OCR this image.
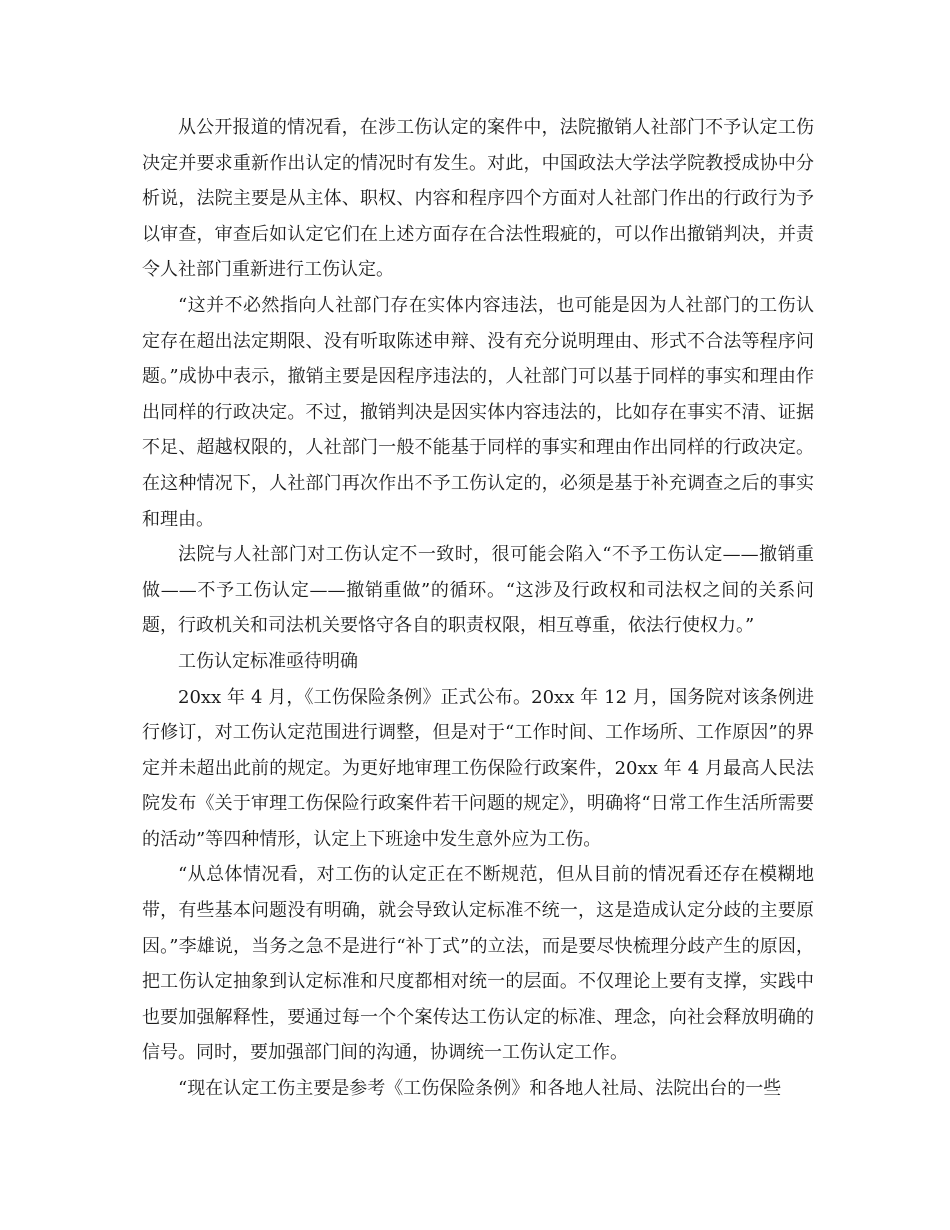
从公开报道的情况看，在涉工伤认定的案件中，法院撤销人社部门不予认定工伤决定并要求重新作出认定的情况时有发生。对此，中国政法大学法学院教授成协中分析说，法院主要是从主体、职权、内容和程序四个方面对人社部门作出的行政行为予以审查，审查后如认定它们在上述方面存在合法性瑕疵的，可以作出撤销判决，并责令人社部门重新进行工伤认定。

“这并不必然指向人社部门存在实体内容违法，也可能是因为人社部门的工伤认定存在超出法定期限、没有听取陈述申辩、没有充分说明理由、形式不合法等程序问题。”成协中表示，撤销主要是因程序违法的，人社部门可以基于同样的事实和理由作出同样的行政决定。不过，撤销判决是因实体内容违法的，比如存在事实不清、证据不足、超越权限的，人社部门一般不能基于同样的事实和理由作出同样的行政决定。在这种情况下，人社部门再次作出不予工伤认定的，必须是基于补充调查之后的事实和理由。

法院与人社部门对工伤认定不一致时，很可能会陷入“不予工伤认定——撤销重做——不予工伤认定——撤销重做”的循环。“这涉及行政权和司法权之间的关系问题，行政机关和司法机关要恪守各自的职责权限，相互尊重，依法行使权力。”

工伤认定标准亟待明确

20xx 年 4 月，《工伤保险条例》正式公布。20xx 年 12 月，国务院对该条例进行修订，对工伤认定范围进行调整，但是对于“工作时间、工作场所、工作原因”的界定并未超出此前的规定。为更好地审理工伤保险行政案件，20xx 年 4 月最高人民法院发布《关于审理工伤保险行政案件若干问题的规定》，明确将“日常工作生活所需要的活动”等四种情形，认定上下班途中发生意外应为工伤。

“从总体情况看，对工伤的认定正在不断规范，但从目前的情况看还存在模糊地带，有些基本问题没有明确，就会导致认定标准不统一，这是造成认定分歧的主要原因。”李雄说，当务之急不是进行“补丁式”的立法，而是要尽快梳理分歧产生的原因，把工伤认定抽象到认定标准和尺度都相对统一的层面。不仅理论上要有支撑，实践中也要加强解释性，要通过每一个个案传达工伤认定的标准、理念，向社会释放明确的信号。同时，要加强部门间的沟通，协调统一工伤认定工作。

“现在认定工伤主要是参考《工伤保险条例》和各地人社局、法院出台的一些
